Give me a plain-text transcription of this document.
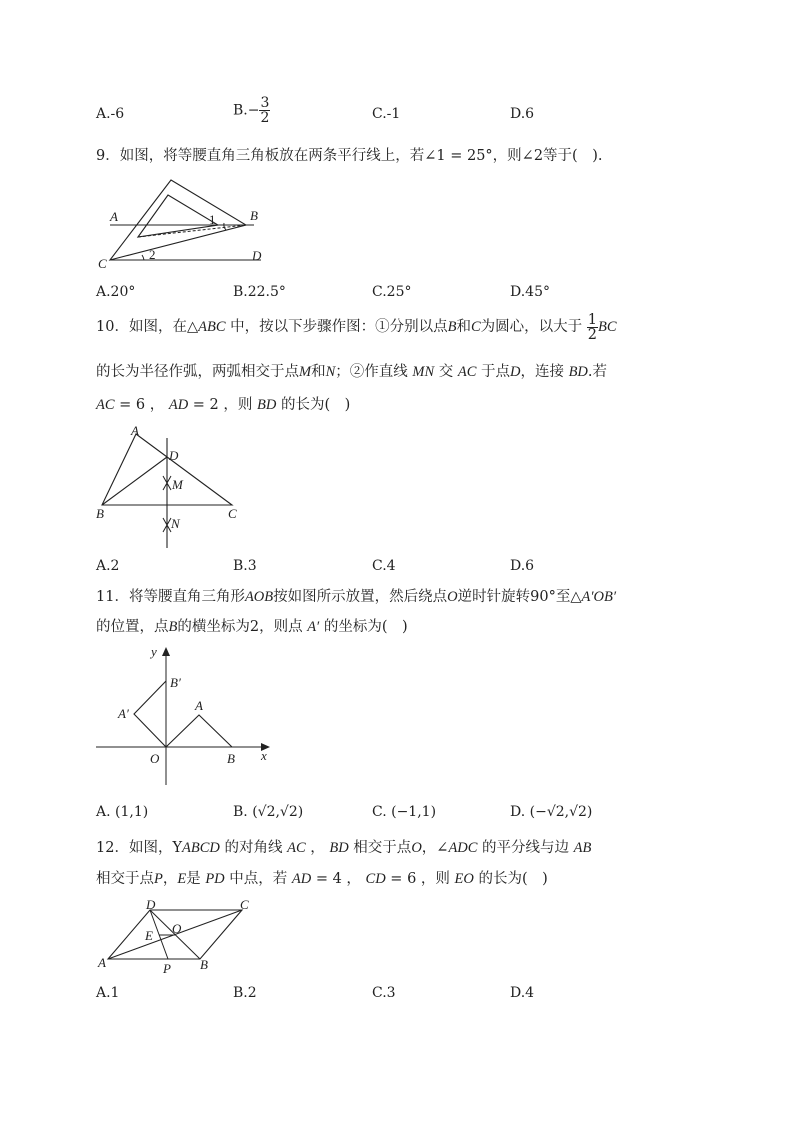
A.-6	$B.- \frac{3}{2}$	C.-1	D.6
9．如图，将等腰直角三角板放在两条平行线上，若∠1 = 25°，则∠2等于(　).
A	B
C
D
1
2
A.20°	B.22.5°	C.25°	D.45°
10．如图，在△ABC 中，按以下步骤作图：①分别以点B和C为圆心，以大于 $\frac{1}{2}$ BC
的长为半径作弧，两弧相交于点M和N；②作直线 MN 交 AC 于点D，连接 BD.若
AC = 6 ， AD = 2 ，则 BD 的长为(　)
A
B	C
D
M
N
A.2	B.3	C.4	D.6
11．将等腰直角三角形AOB按如图所示放置，然后绕点O逆时针旋转90°至△A′OB′
的位置，点B的横坐标为2，则点 A′ 的坐标为(　)
y
x
O	B
A
A′
B′
A. (1,1)	B. (√2,√2)	C. (−1,1)	D. (−√2,√2)
12．如图，YABCD 的对角线 AC ， BD 相交于点O，∠ADC 的平分线与边 AB
相交于点P，E是 PD 中点，若 AD = 4 ， CD = 6 ，则 EO 的长为(　)
A	B
C
D
E O
P
A.1	B.2	C.3	D.4
